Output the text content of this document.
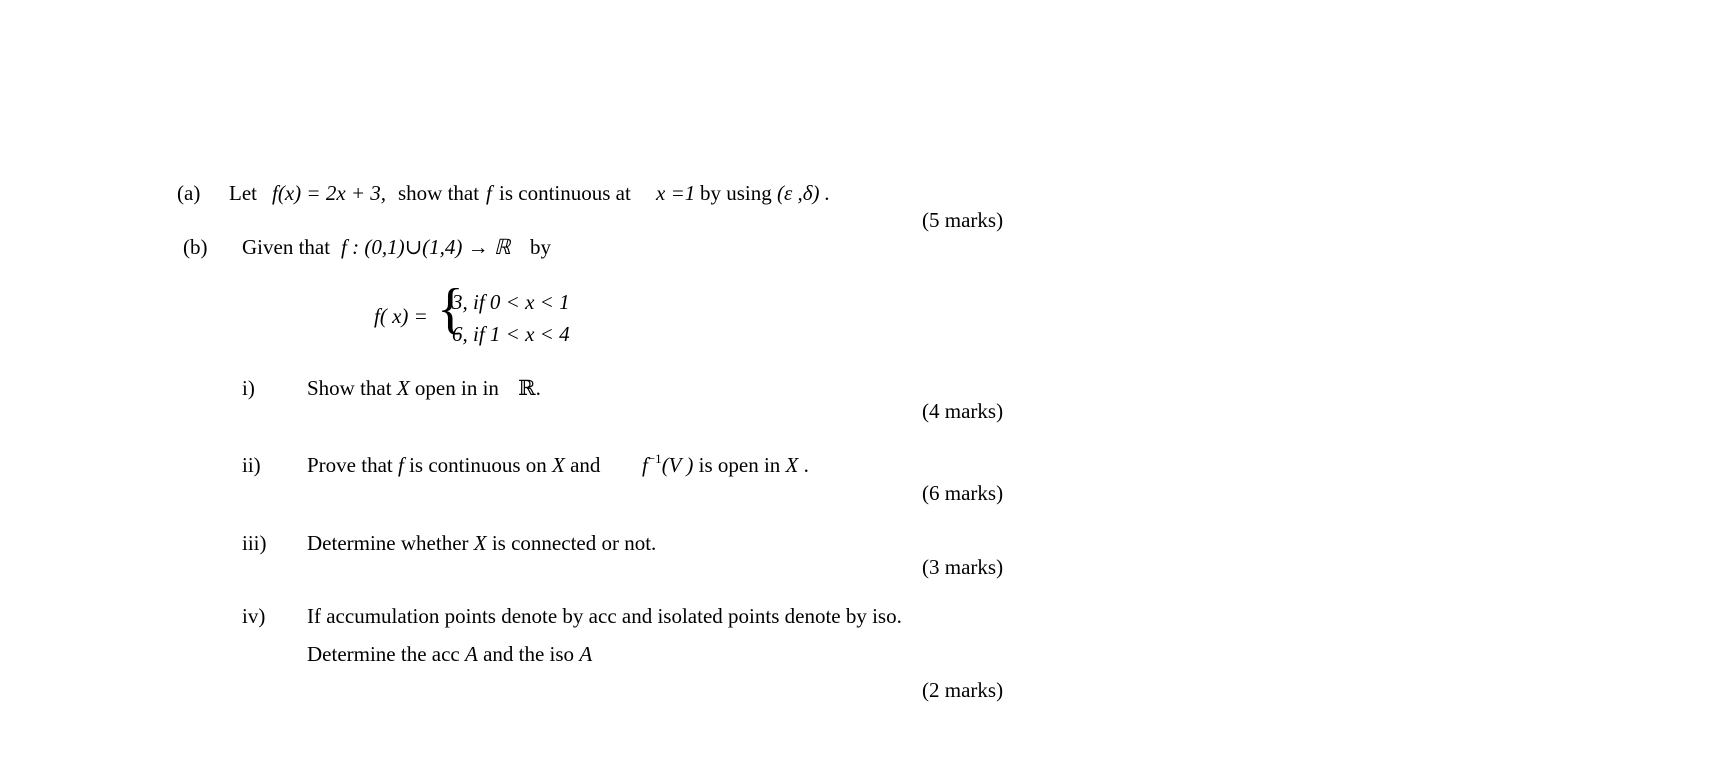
(a) Let f(x) = 2x + 3, show that f is continuous at x =1 by using (ε ,δ) .
(5 marks)
(b) Given that f : (0,1)∪(1,4) → ℝ by
f( x) = {
3, if 0 < x < 1
6, if 1 < x < 4
i) Show that X open in in ℝ.
(4 marks)
ii) Prove that f is continuous on X and $f^{-1}(V$ ) is open in X .
(6 marks)
iii) Determine whether X is connected or not.
(3 marks)
iv) If accumulation points denote by acc and isolated points denote by iso.
Determine the acc A and the iso A
(2 marks)
